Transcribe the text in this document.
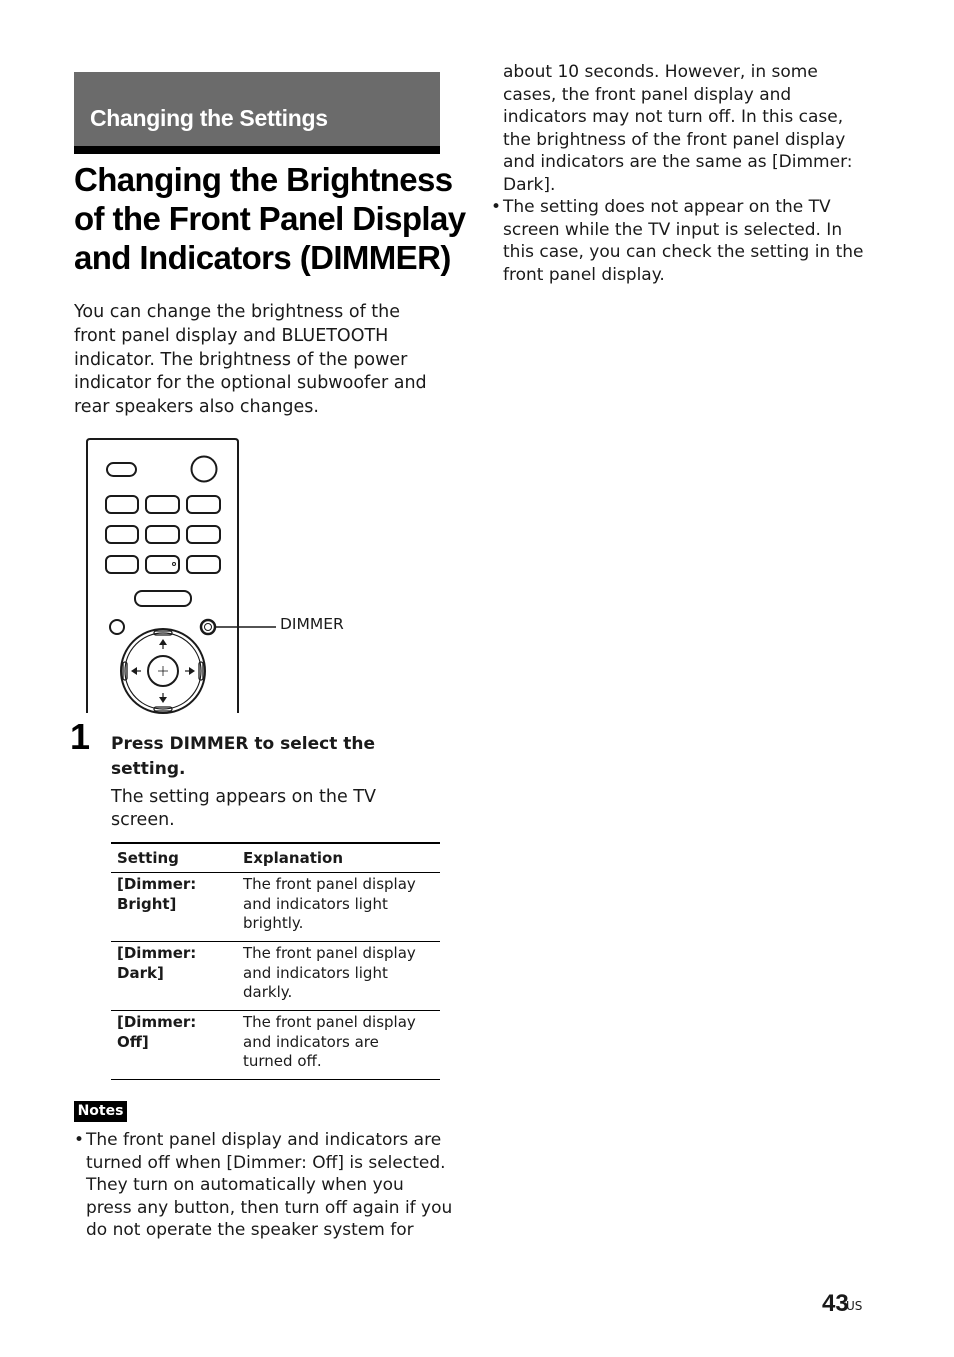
Changing the Settings
Changing the Brightness
of the Front Panel Display
and Indicators (DIMMER)

You can change the brightness of the
front panel display and BLUETOOTH
indicator. The brightness of the power
indicator for the optional subwoofer and
rear speakers also changes.

DIMMER
1 Press DIMMER to select the
setting.
The setting appears on the TV
screen.
Setting	Explanation

[Dimmer:
Bright]	The front panel display
and indicators light
brightly.

[Dimmer:
Dark]	The front panel display
and indicators light
darkly.

[Dimmer:
Off]	The front panel display
and indicators are
turned off.
Notes
• The front panel display and indicators are
turned off when [Dimmer: Off] is selected.
They turn on automatically when you
press any button, then turn off again if you
do not operate the speaker system for
about 10 seconds. However, in some
cases, the front panel display and
indicators may not turn off. In this case,
the brightness of the front panel display
and indicators are the same as [Dimmer:
Dark].
• The setting does not appear on the TV
screen while the TV input is selected. In
this case, you can check the setting in the
front panel display.
43
US
